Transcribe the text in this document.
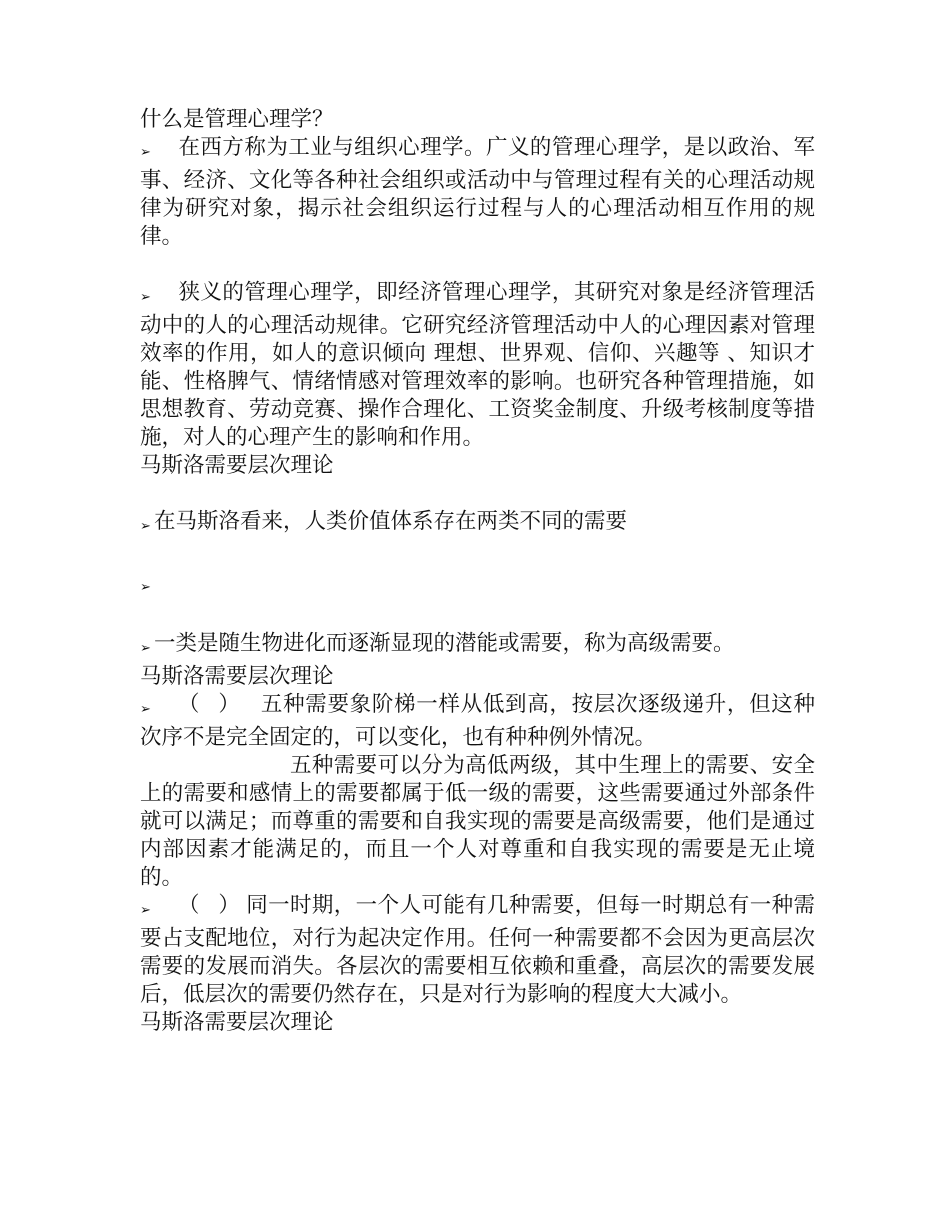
什么是管理心理学？

➢ 在西方称为工业与组织心理学。广义的管理心理学，是以政治、军事、经济、文化等各种社会组织或活动中与管理过程有关的心理活动规律为研究对象，揭示社会组织运行过程与人的心理活动相互作用的规律。

➢ 狭义的管理心理学，即经济管理心理学，其研究对象是经济管理活动中的人的心理活动规律。它研究经济管理活动中人的心理因素对管理效率的作用，如人的意识倾向 理想、世界观、信仰、兴趣等 、知识才能、性格脾气、情绪情感对管理效率的影响。也研究各种管理措施，如思想教育、劳动竞赛、操作合理化、工资奖金制度、升级考核制度等措施，对人的心理产生的影响和作用。

马斯洛需要层次理论

➢ 在马斯洛看来，人类价值体系存在两类不同的需要

➢

➢ 一类是随生物进化而逐渐显现的潜能或需要，称为高级需要。

马斯洛需要层次理论

➢ （ ） 五种需要象阶梯一样从低到高，按层次逐级递升，但这种次序不是完全固定的，可以变化，也有种种例外情况。

五种需要可以分为高低两级，其中生理上的需要、安全上的需要和感情上的需要都属于低一级的需要，这些需要通过外部条件就可以满足；而尊重的需要和自我实现的需要是高级需要，他们是通过内部因素才能满足的，而且一个人对尊重和自我实现的需要是无止境的。

➢ （ ）同一时期，一个人可能有几种需要，但每一时期总有一种需要占支配地位，对行为起决定作用。任何一种需要都不会因为更高层次需要的发展而消失。各层次的需要相互依赖和重叠，高层次的需要发展后，低层次的需要仍然存在，只是对行为影响的程度大大减小。

马斯洛需要层次理论
